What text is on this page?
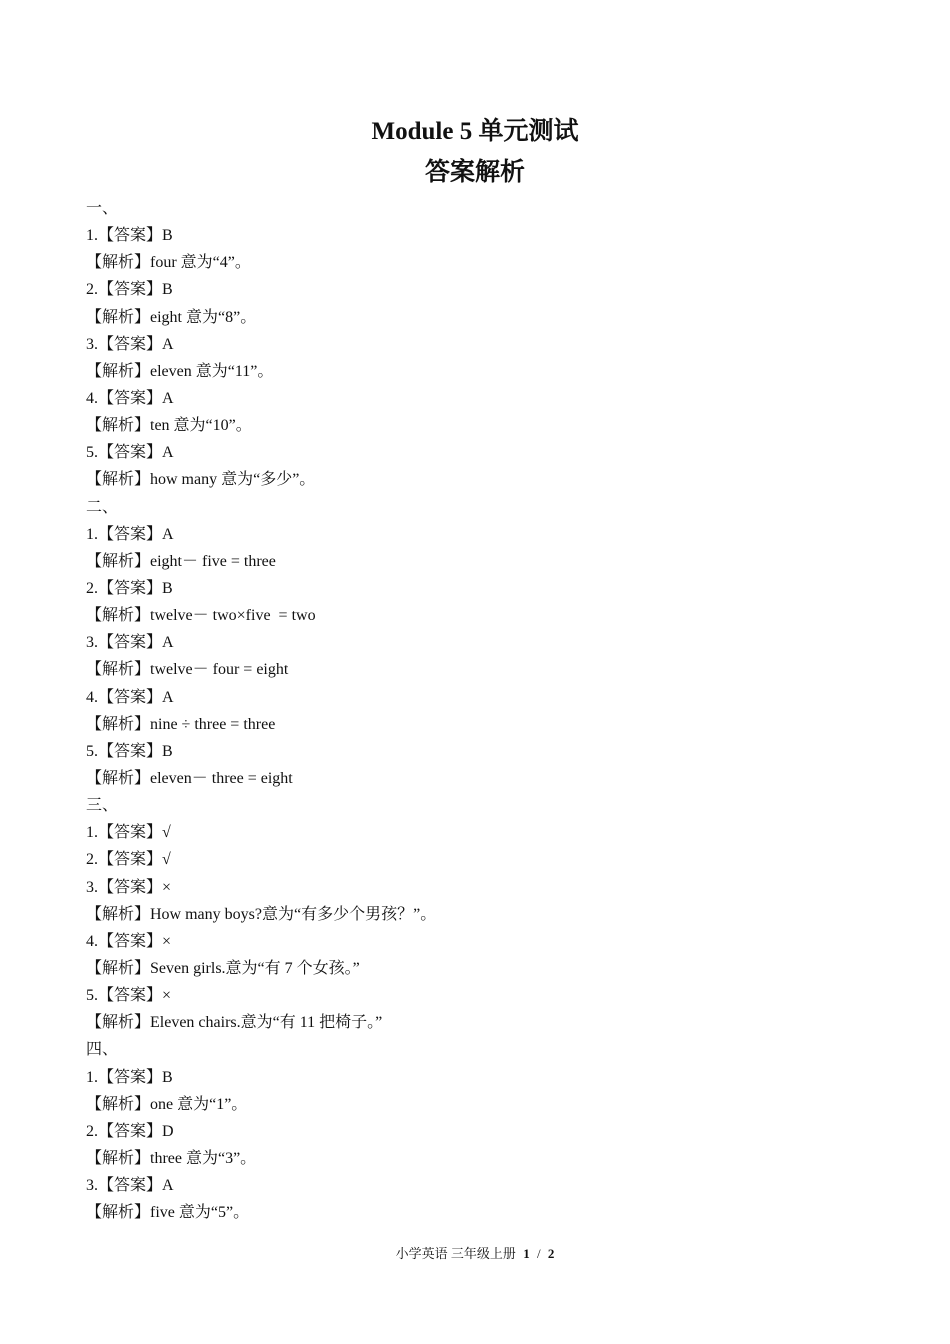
Module 5 单元测试
答案解析
一、
1.【答案】B
【解析】four 意为“4”。
2.【答案】B
【解析】eight 意为“8”。
3.【答案】A
【解析】eleven 意为“11”。
4.【答案】A
【解析】ten 意为“10”。
5.【答案】A
【解析】how many 意为“多少”。
二、
1.【答案】A
【解析】eight－ five = three
2.【答案】B
【解析】twelve－ two×five  = two
3.【答案】A
【解析】twelve－ four = eight
4.【答案】A
【解析】nine ÷ three = three
5.【答案】B
【解析】eleven－ three = eight
三、
1.【答案】√
2.【答案】√
3.【答案】×
【解析】How many boys?意为“有多少个男孩？”。
4.【答案】×
【解析】Seven girls.意为“有 7 个女孩。”
5.【答案】×
【解析】Eleven chairs.意为“有 11 把椅子。”
四、
1.【答案】B
【解析】one 意为“1”。
2.【答案】D
【解析】three 意为“3”。
3.【答案】A
【解析】five 意为“5”。
小学英语 三年级上册 1 / 2
